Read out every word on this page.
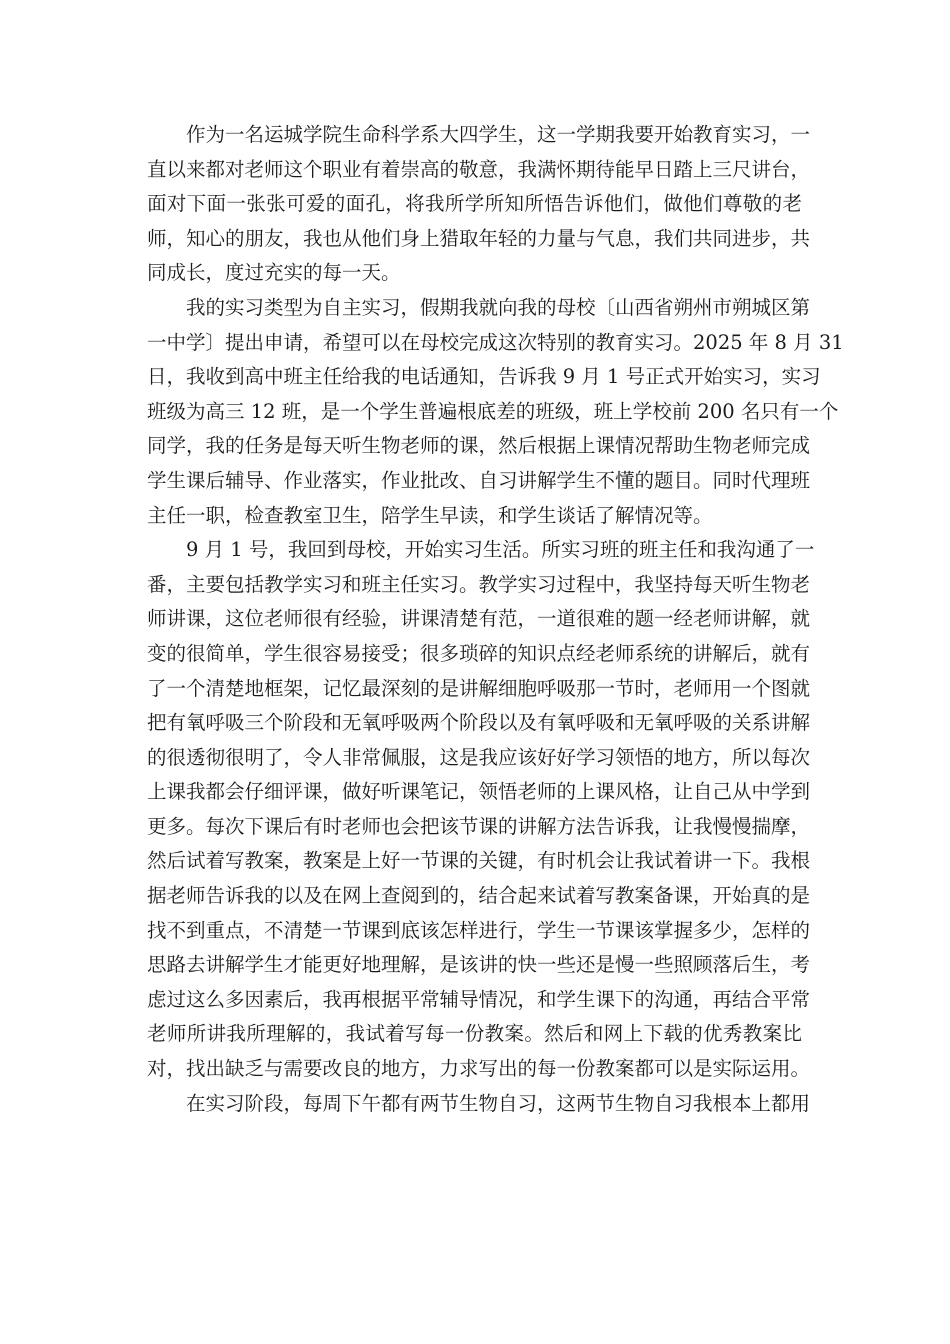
作为一名运城学院生命科学系大四学生，这一学期我要开始教育实习，一
直以来都对老师这个职业有着崇高的敬意，我满怀期待能早日踏上三尺讲台，
面对下面一张张可爱的面孔，将我所学所知所悟告诉他们，做他们尊敬的老
师，知心的朋友，我也从他们身上猎取年轻的力量与气息，我们共同进步，共
同成长，度过充实的每一天。
我的实习类型为自主实习，假期我就向我的母校〔山西省朔州市朔城区第
一中学〕提出申请，希望可以在母校完成这次特别的教育实习。2025 年 8 月 31
日，我收到高中班主任给我的电话通知，告诉我 9 月 1 号正式开始实习，实习
班级为高三 12 班，是一个学生普遍根底差的班级，班上学校前 200 名只有一个
同学，我的任务是每天听生物老师的课，然后根据上课情况帮助生物老师完成
学生课后辅导、作业落实，作业批改、自习讲解学生不懂的题目。同时代理班
主任一职，检查教室卫生，陪学生早读，和学生谈话了解情况等。
9 月 1 号，我回到母校，开始实习生活。所实习班的班主任和我沟通了一
番，主要包括教学实习和班主任实习。教学实习过程中，我坚持每天听生物老
师讲课，这位老师很有经验，讲课清楚有范，一道很难的题一经老师讲解，就
变的很简单，学生很容易接受；很多琐碎的知识点经老师系统的讲解后，就有
了一个清楚地框架，记忆最深刻的是讲解细胞呼吸那一节时，老师用一个图就
把有氧呼吸三个阶段和无氧呼吸两个阶段以及有氧呼吸和无氧呼吸的关系讲解
的很透彻很明了，令人非常佩服，这是我应该好好学习领悟的地方，所以每次
上课我都会仔细评课，做好听课笔记，领悟老师的上课风格，让自己从中学到
更多。每次下课后有时老师也会把该节课的讲解方法告诉我，让我慢慢揣摩，
然后试着写教案，教案是上好一节课的关键，有时机会让我试着讲一下。我根
据老师告诉我的以及在网上查阅到的，结合起来试着写教案备课，开始真的是
找不到重点，不清楚一节课到底该怎样进行，学生一节课该掌握多少，怎样的
思路去讲解学生才能更好地理解，是该讲的快一些还是慢一些照顾落后生，考
虑过这么多因素后，我再根据平常辅导情况，和学生课下的沟通，再结合平常
老师所讲我所理解的，我试着写每一份教案。然后和网上下载的优秀教案比
对，找出缺乏与需要改良的地方，力求写出的每一份教案都可以是实际运用。
在实习阶段，每周下午都有两节生物自习，这两节生物自习我根本上都用
